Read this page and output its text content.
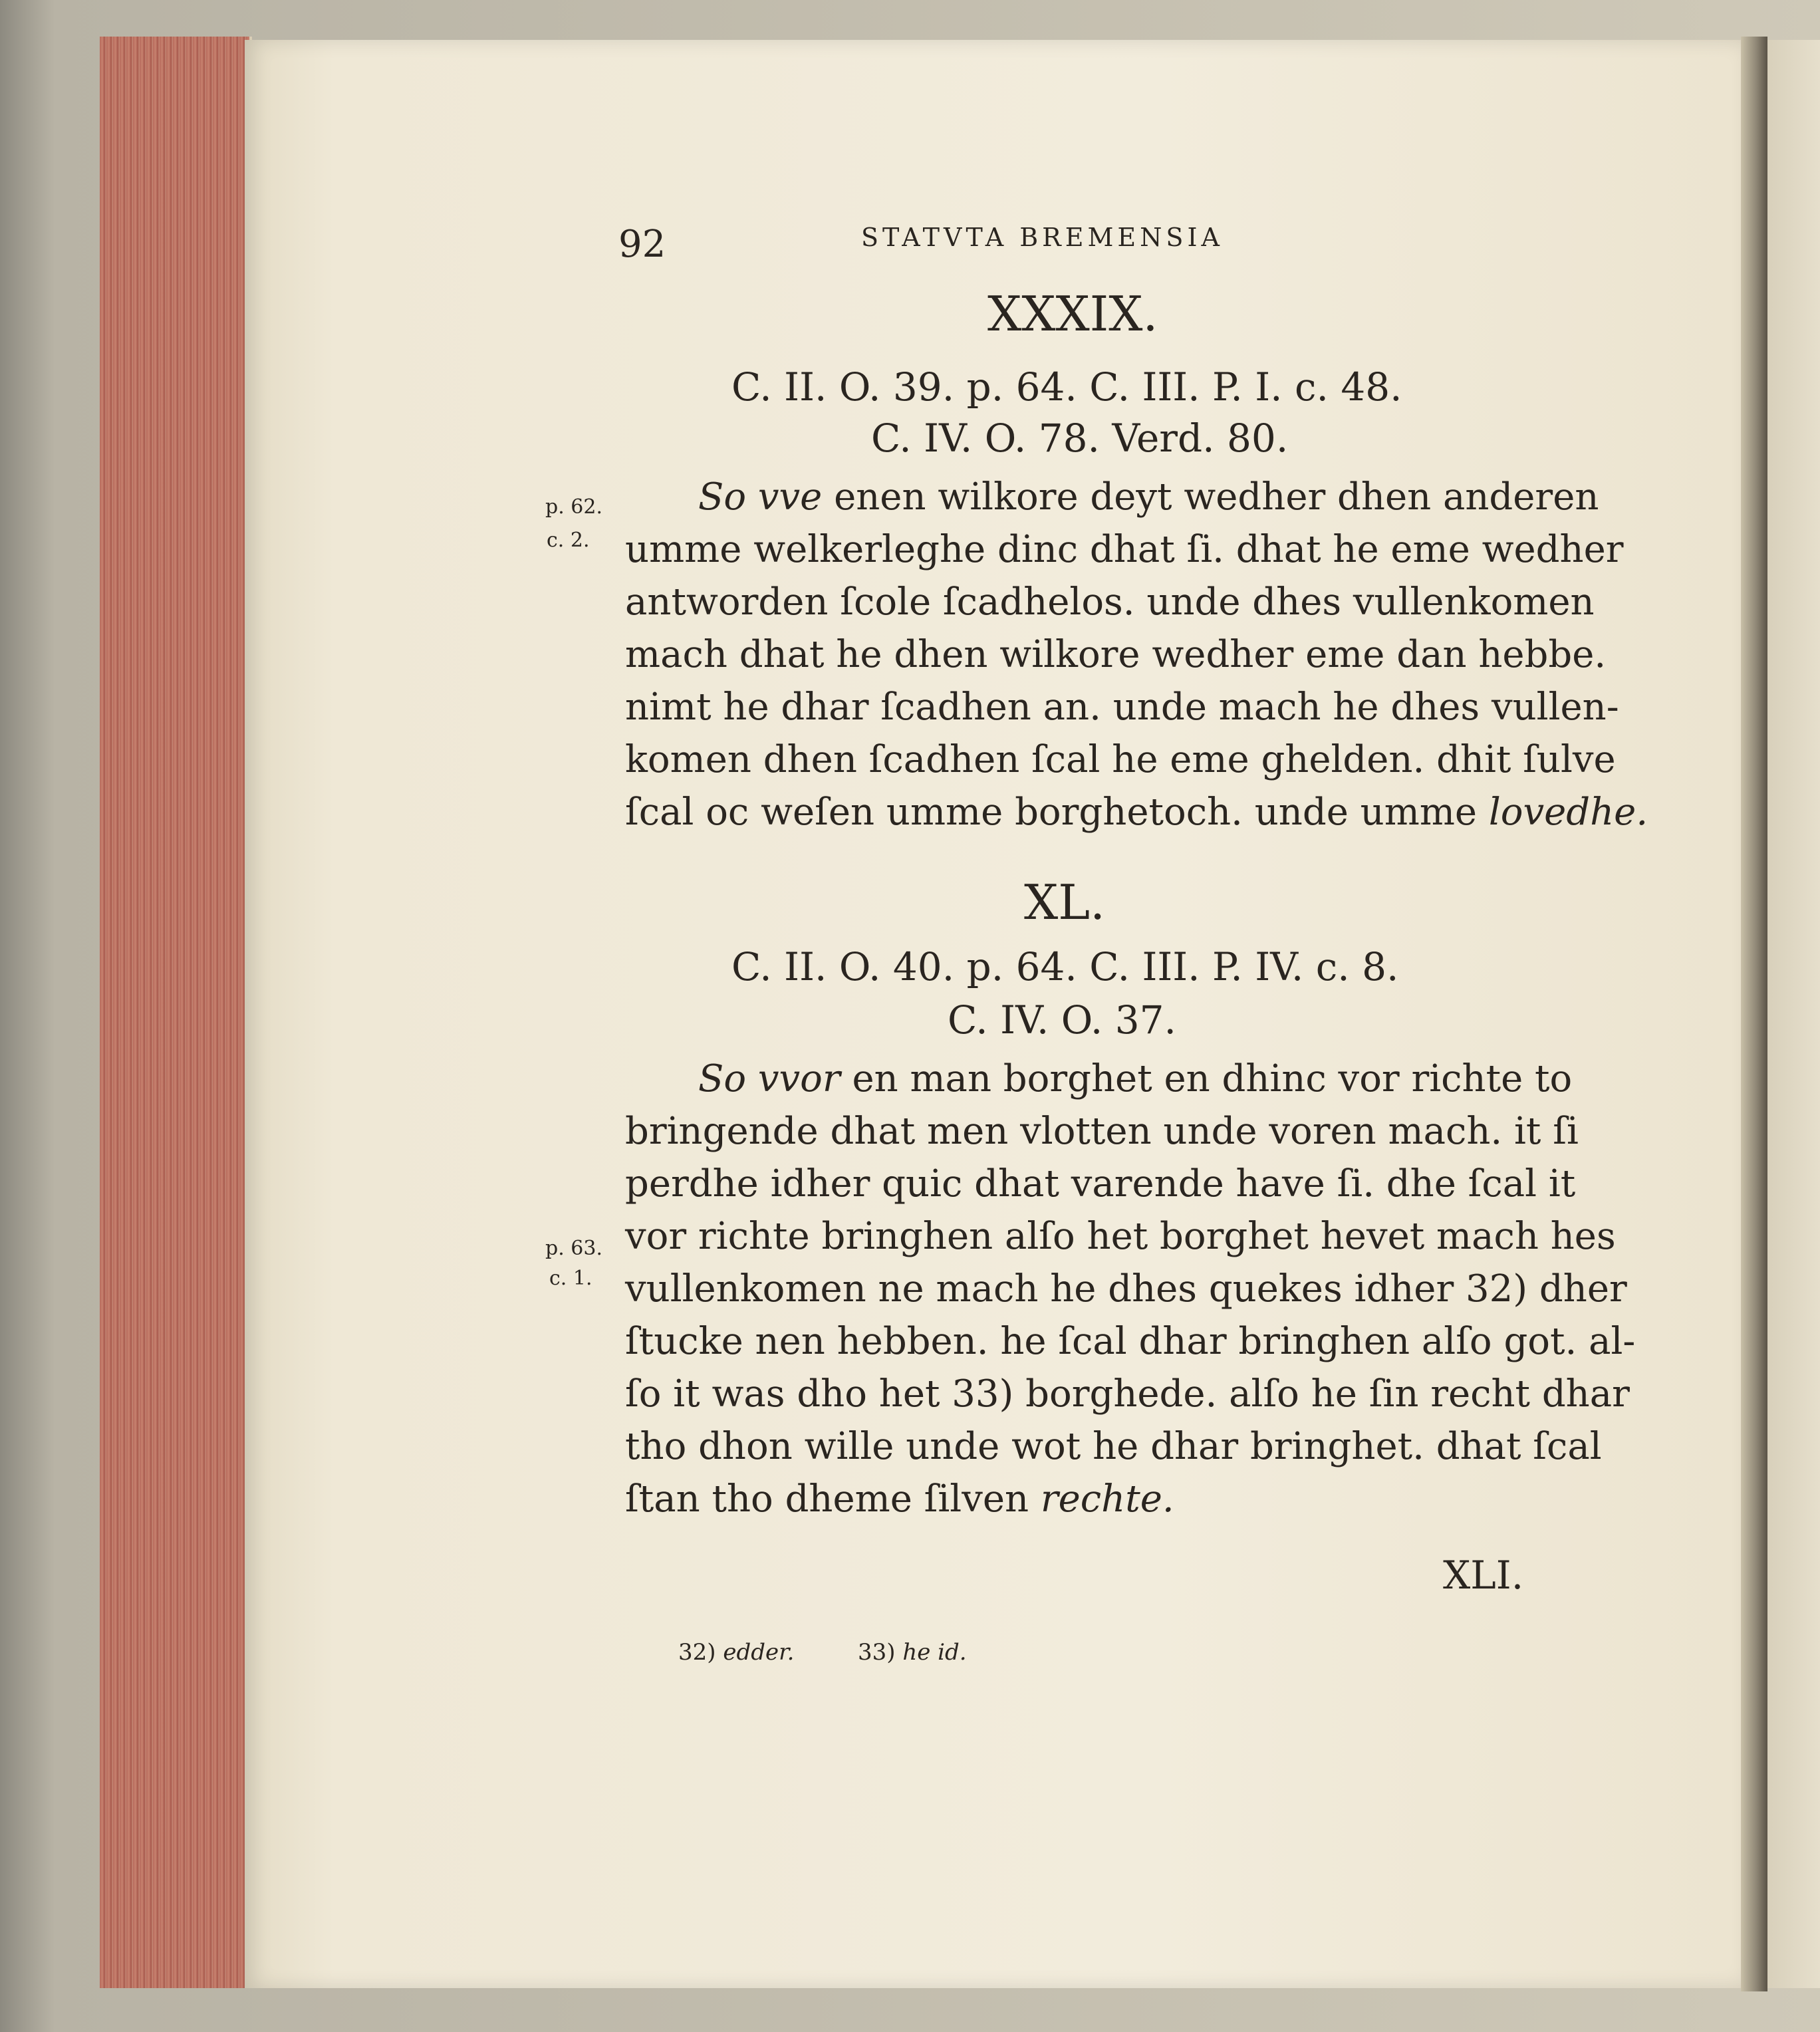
92	STATVTA BREMENSIA
XXXIX.
C. II. O. 39. p. 64. C. III. P. I. c. 48.
C. IV. O. 78. Verd. 80.
p. 62.
c. 2.
So vve enen wilkore deyt wedher dhen anderen
umme welkerleghe dinc dhat ſi. dhat he eme wedher
antworden ſcole ſcadhelos. unde dhes vullenkomen
mach dhat he dhen wilkore wedher eme dan hebbe.
nimt he dhar ſcadhen an. unde mach he dhes vullen-
komen dhen ſcadhen ſcal he eme ghelden. dhit ſulve
ſcal oc weſen umme borghetoch. unde umme lovedhe.
XL.
C. II. O. 40. p. 64. C. III. P. IV. c. 8.
C. IV. O. 37.
p. 63.
c. 1.
So vvor en man borghet en dhinc vor richte to
bringende dhat men vlotten unde voren mach. it ſi
perdhe idher quic dhat varende have ſi. dhe ſcal it
vor richte bringhen alſo het borghet hevet mach hes
vullenkomen ne mach he dhes quekes idher 32) dher
ſtucke nen hebben. he ſcal dhar bringhen alſo got. al-
ſo it was dho het 33) borghede. alſo he ſin recht dhar
tho dhon wille unde wot he dhar bringhet. dhat ſcal
ſtan tho dheme ſilven rechte.
XLI.
32) edder.	33) he id.
